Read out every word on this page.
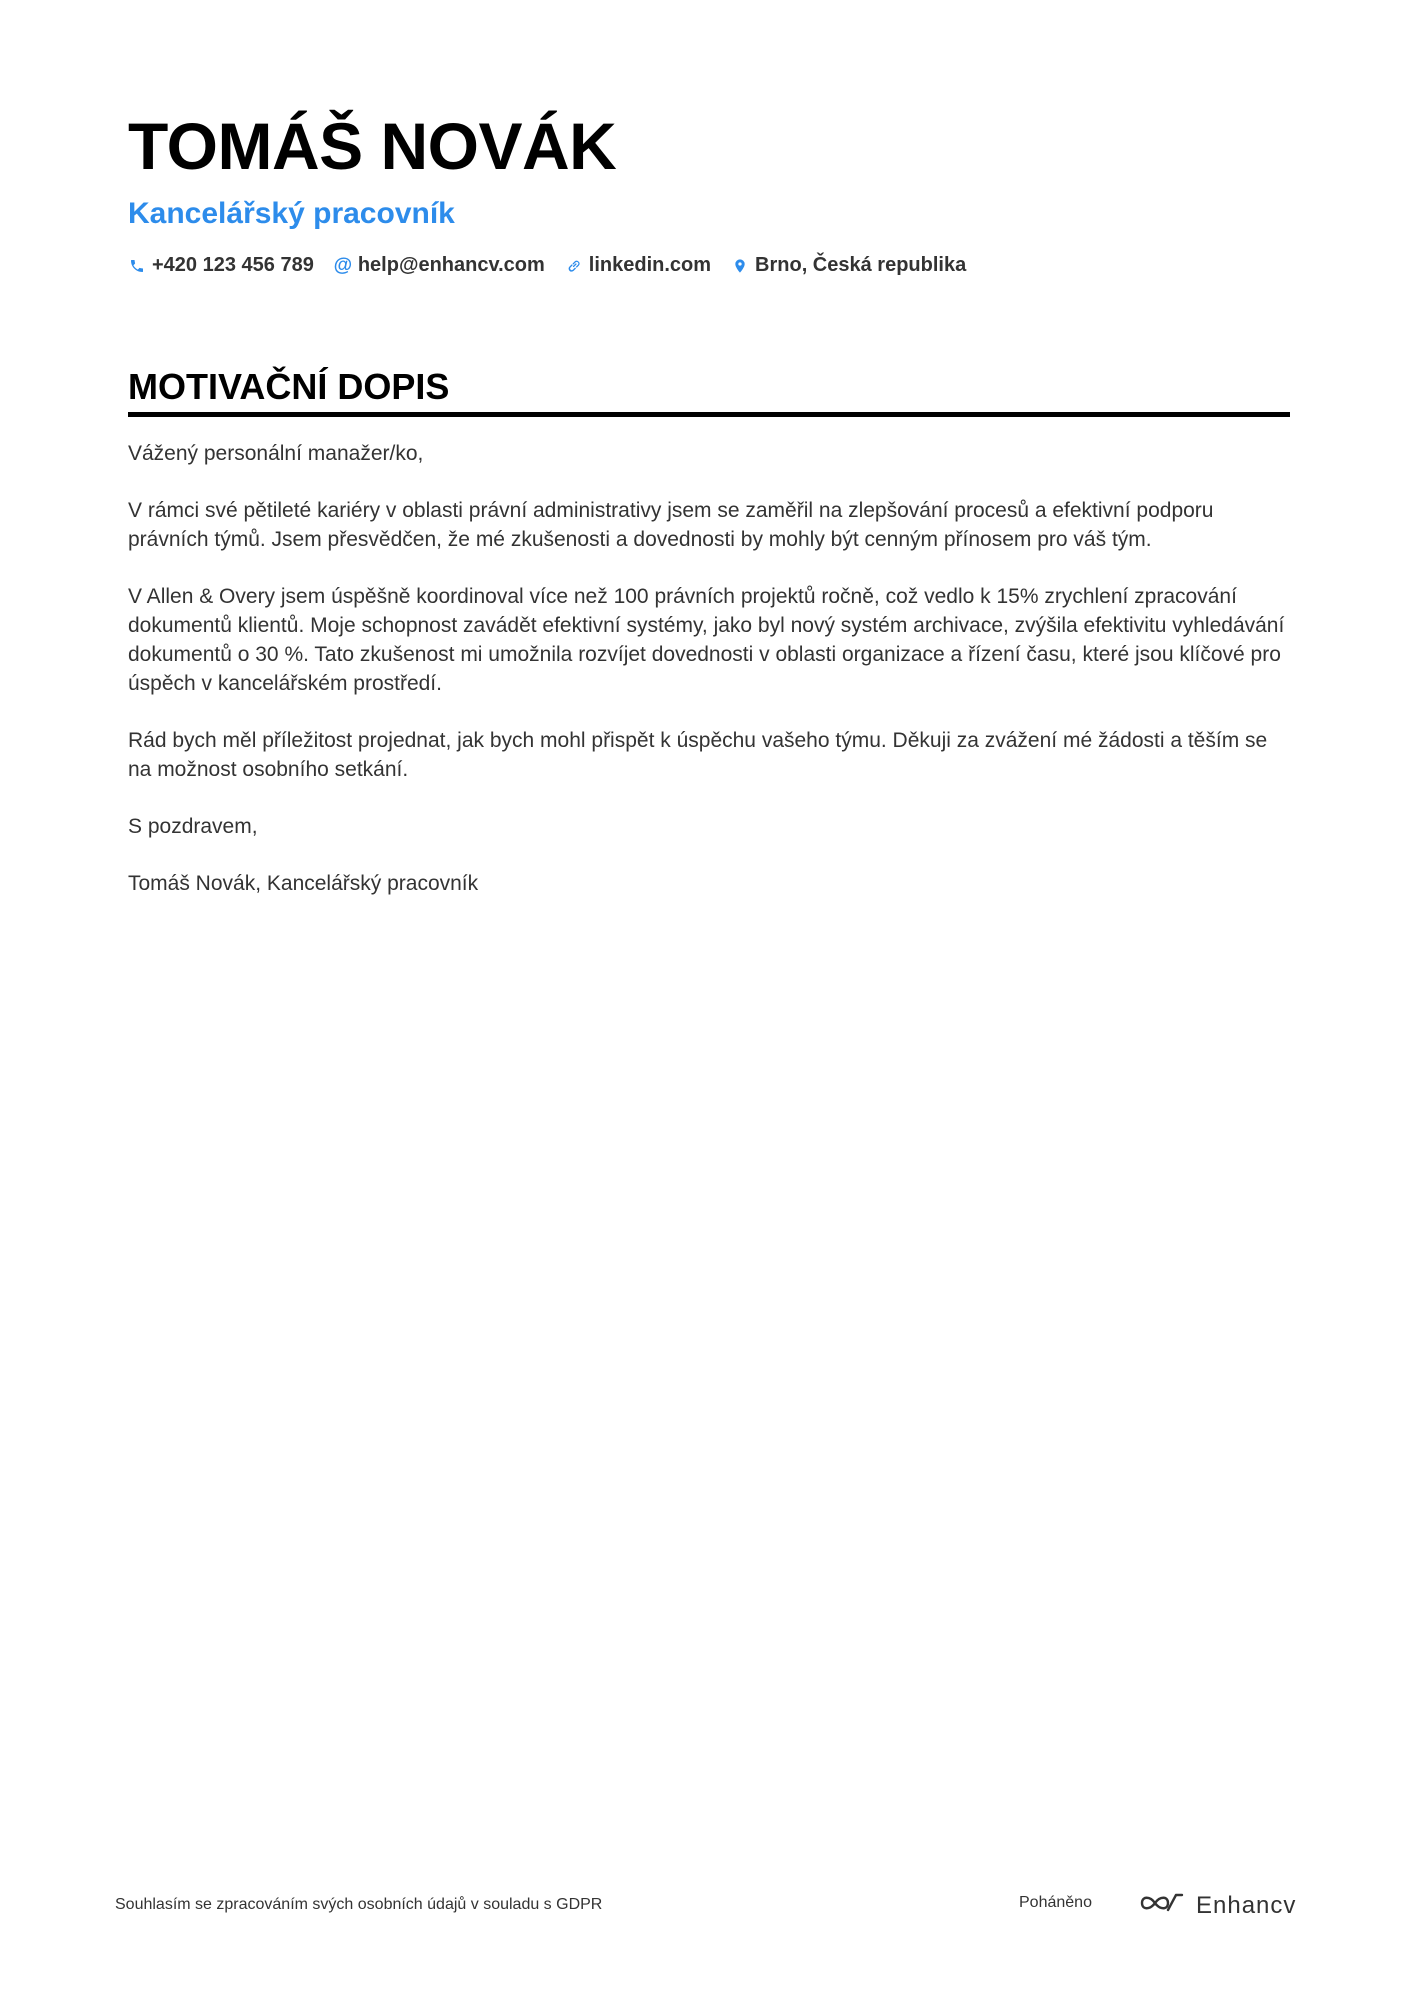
TOMÁŠ NOVÁK
Kancelářský pracovník
+420 123 456 789 @ help@enhancv.com linkedin.com Brno, Česká republika
MOTIVAČNÍ DOPIS

Vážený personální manažer/ko,

V rámci své pětileté kariéry v oblasti právní administrativy jsem se zaměřil na zlepšování procesů a efektivní podporu právních týmů. Jsem přesvědčen, že mé zkušenosti a dovednosti by mohly být cenným přínosem pro váš tým.

V Allen & Overy jsem úspěšně koordinoval více než 100 právních projektů ročně, což vedlo k 15% zrychlení zpracování dokumentů klientů. Moje schopnost zavádět efektivní systémy, jako byl nový systém archivace, zvýšila efektivitu vyhledávání dokumentů o 30 %. Tato zkušenost mi umožnila rozvíjet dovednosti v oblasti organizace a řízení času, které jsou klíčové pro úspěch v kancelářském prostředí.

Rád bych měl příležitost projednat, jak bych mohl přispět k úspěchu vašeho týmu. Děkuji za zvážení mé žádosti a těším se na možnost osobního setkání.

S pozdravem,

Tomáš Novák, Kancelářský pracovník

Souhlasím se zpracováním svých osobních údajů v souladu s GDPR	Poháněno	Enhancv
